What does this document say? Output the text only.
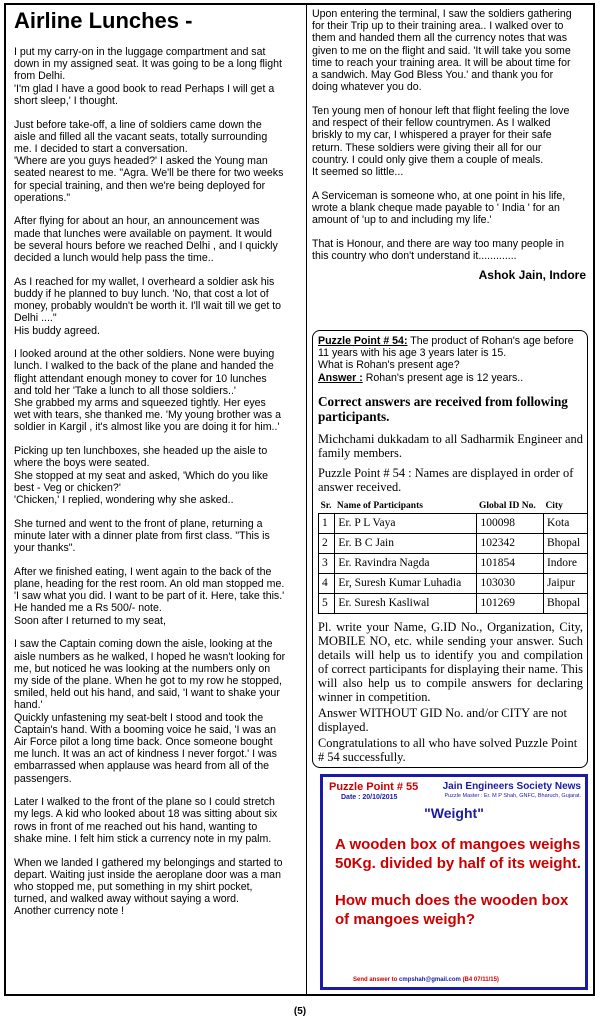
Airline Lunches -
I put my carry-on in the luggage compartment and sat
down in my assigned seat. It was going to be a long flight
from Delhi.
'I'm glad I have a good book to read Perhaps I will get a
short sleep,' I thought.
Just before take-off, a line of soldiers came down the
aisle and filled all the vacant seats, totally surrounding
me. I decided to start a conversation.
'Where are you guys headed?' I asked the Young man
seated nearest to me. "Agra. We'll be there for two weeks
for special training, and then we're being deployed for
operations."
After flying for about an hour, an announcement was
made that lunches were available on payment. It would
be several hours before we reached Delhi , and I quickly
decided a lunch would help pass the time..
As I reached for my wallet, I overheard a soldier ask his
buddy if he planned to buy lunch. 'No, that cost a lot of
money, probably wouldn't be worth it. I'll wait till we get to
Delhi ...."
His buddy agreed.
I looked around at the other soldiers. None were buying
lunch. I walked to the back of the plane and handed the
flight attendant enough money to cover for 10 lunches
and told her 'Take a lunch to all those soldiers..'
She grabbed my arms and squeezed tightly. Her eyes
wet with tears, she thanked me. 'My young brother was a
soldier in Kargil , it's almost like you are doing it for him..'
Picking up ten lunchboxes, she headed up the aisle to
where the boys were seated.
She stopped at my seat and asked, 'Which do you like
best - Veg or chicken?'
'Chicken,' I replied, wondering why she asked..
She turned and went to the front of plane, returning a
minute later with a dinner plate from first class. "This is
your thanks".
After we finished eating, I went again to the back of the
plane, heading for the rest room. An old man stopped me.
'I saw what you did. I want to be part of it. Here, take this.'
He handed me a Rs 500/- note.
Soon after I returned to my seat,
I saw the Captain coming down the aisle, looking at the
aisle numbers as he walked, I hoped he wasn't looking for
me, but noticed he was looking at the numbers only on
my side of the plane. When he got to my row he stopped,
smiled, held out his hand, and said, 'I want to shake your
hand.'
Quickly unfastening my seat-belt I stood and took the
Captain's hand. With a booming voice he said, 'I was an
Air Force pilot a long time back. Once someone bought
me lunch. It was an act of kindness I never forgot.' I was
embarrassed when applause was heard from all of the
passengers.
Later I walked to the front of the plane so I could stretch
my legs. A kid who looked about 18 was sitting about six
rows in front of me reached out his hand, wanting to
shake mine. I felt him stick a currency note in my palm.
When we landed I gathered my belongings and started to
depart. Waiting just inside the aeroplane door was a man
who stopped me, put something in my shirt pocket,
turned, and walked away without saying a word.
Another currency note !
Upon entering the terminal, I saw the soldiers gathering
for their Trip up to their training area.. I walked over to
them and handed them all the currency notes that was
given to me on the flight and said. 'It will take you some
time to reach your training area. It will be about time for
a sandwich. May God Bless You.' and thank you for
doing whatever you do.
Ten young men of honour left that flight feeling the love
and respect of their fellow countrymen. As I walked
briskly to my car, I whispered a prayer for their safe
return. These soldiers were giving their all for our
country. I could only give them a couple of meals.
It seemed so little...
A Serviceman is someone who, at one point in his life,
wrote a blank cheque made payable to ' India ' for an
amount of 'up to and including my life.'
That is Honour, and there are way too many people in
this country who don't understand it.............
Ashok Jain, Indore
Puzzle Point # 54: The product of Rohan's age before 11 years with his age 3 years later is 15.
What is Rohan's present age?
Answer : Rohan's present age is 12 years..
Correct answers are received from following participants.
Michchami dukkadam to all Sadharmik Engineer and family members.
Puzzle Point # 54 : Names are displayed in order of answer received.
Sr.	Name of Participants	Global ID No.	City
1	Er. P L Vaya	100098	Kota
2	Er. B C Jain	102342	Bhopal
3	Er. Ravindra Nagda	101854	Indore
4	Er, Suresh Kumar Luhadia	103030	Jaipur
5	Er. Suresh Kasliwal	101269	Bhopal
Pl. write your Name, G.ID No., Organization, City, MOBILE NO, etc. while sending your answer. Such details will help us to identify you and compilation of correct participants for displaying their name. This will also help us to compile answers for declaring winner in competition.
Answer WITHOUT GID No. and/or CITY are not displayed.
Congratulations to all who have solved Puzzle Point # 54 successfully.
Puzzle Point # 55
Date : 20/10/2015
Jain Engineers Society News
Puzzle Master : Er. M P Shah, GNFC, Bharuch, Gujarat.
"Weight"

A wooden box of mangoes weighs 50Kg. divided by half of its weight.

How much does the wooden box of mangoes weigh?

Send answer to cmpshah@gmail.com (B4 07/11/15)
(5)
